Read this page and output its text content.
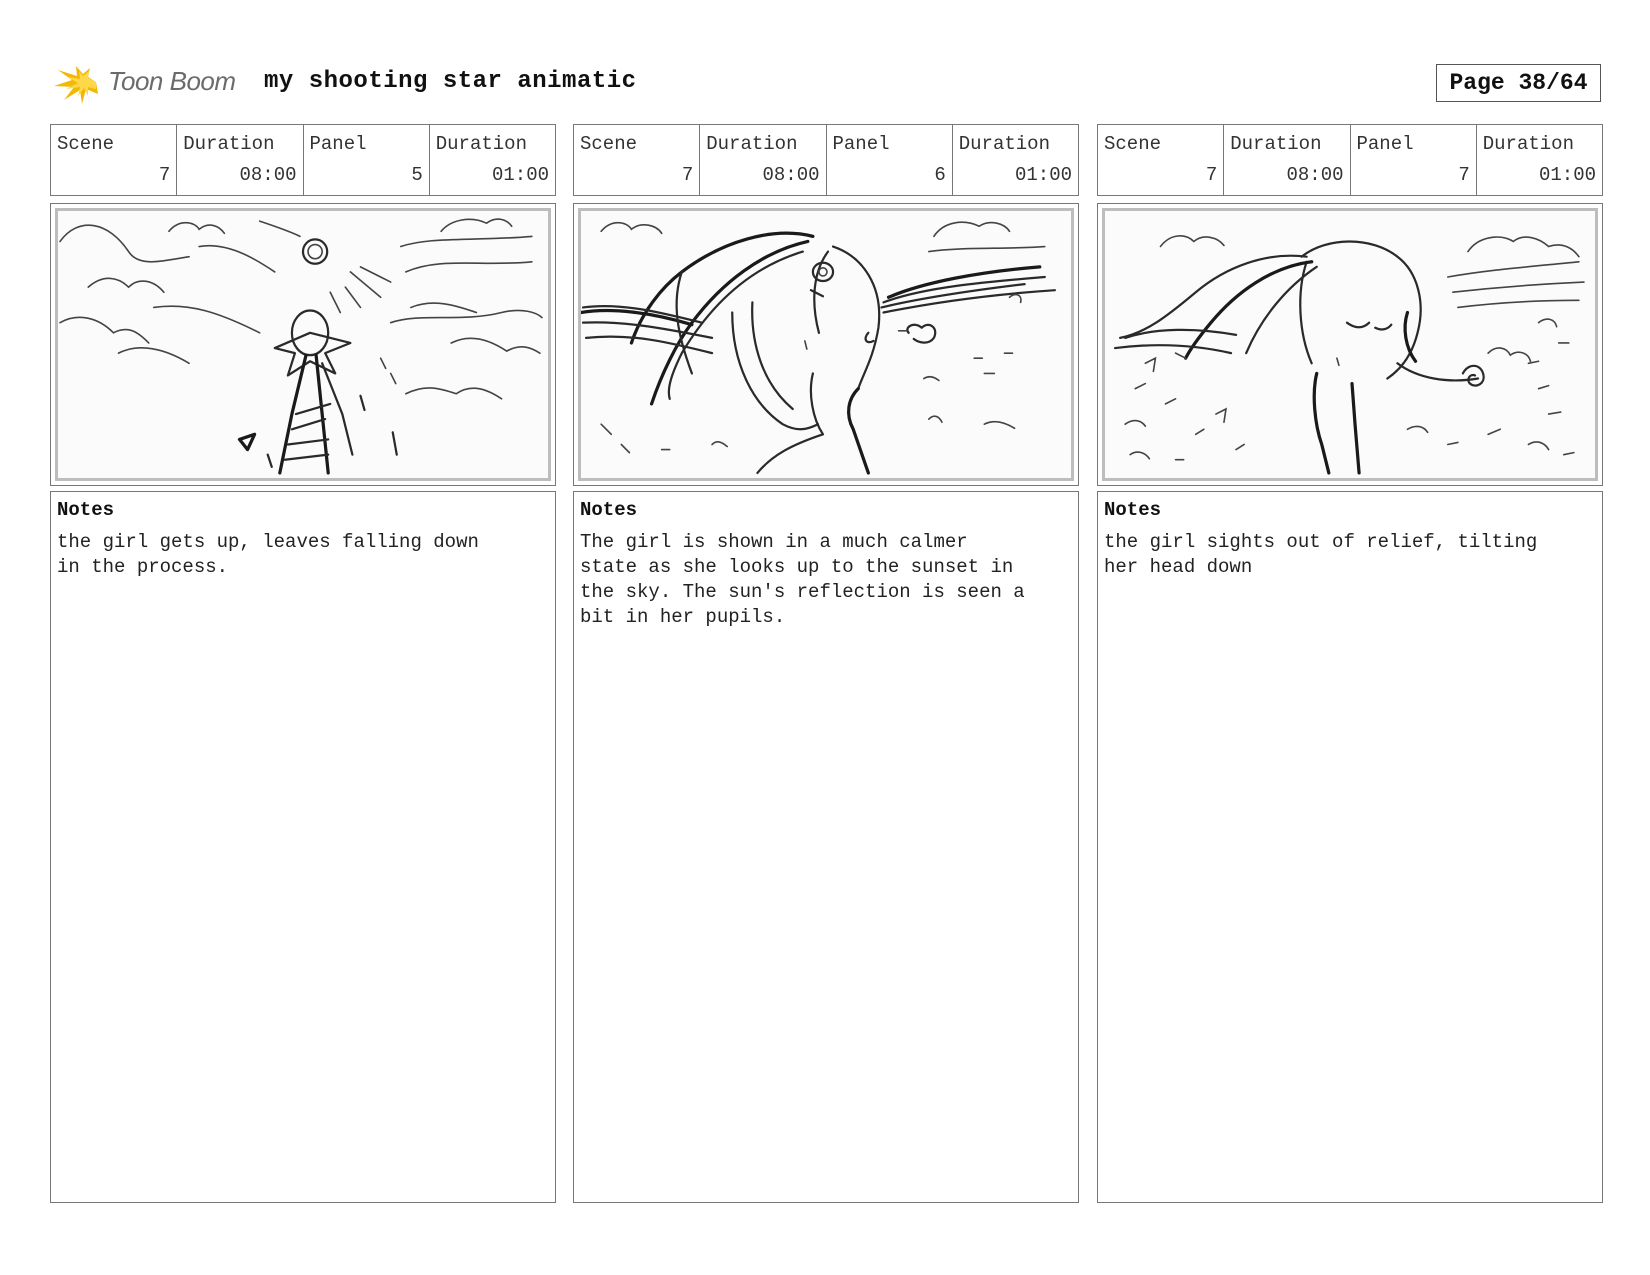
Toon Boom my shooting star animatic	Page 38/64
Scene
7
Duration
08:00
Panel
5
Duration
01:00
Notes
the girl gets up, leaves falling down
in the process.
Scene
7
Duration
08:00
Panel
6
Duration
01:00
Notes
The girl is shown in a much calmer
state as she looks up to the sunset in
the sky. The sun's reflection is seen a
bit in her pupils.
Scene
7
Duration
08:00
Panel
7
Duration
01:00
Notes
the girl sights out of relief, tilting
her head down
